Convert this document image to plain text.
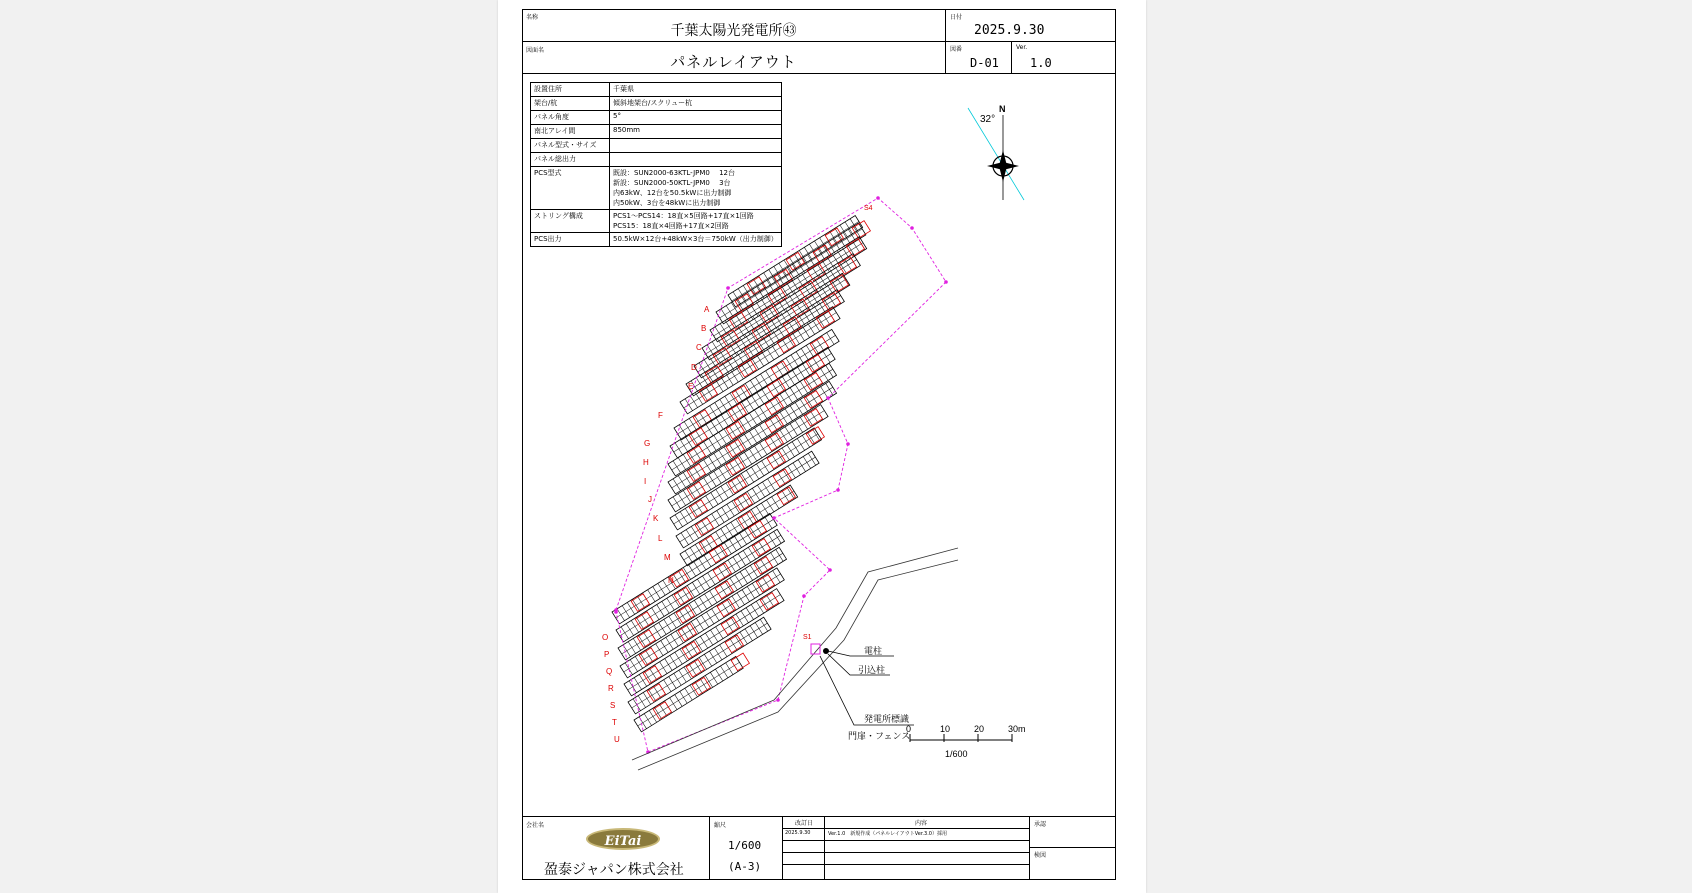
名称
千葉太陽光発電所㊸
日付
2025.9.30
図面名
パネルレイアウト
図番
D-01
Ver.
1.0
設置住所	千葉県

架台/杭	傾斜地架台/スクリュー杭

パネル角度	5°

南北アレイ間	850mm

パネル型式・サイズ	

パネル総出力	

PCS型式	既設：SUN2000-63KTL-JPM0　 12台
新設：SUN2000-50KTL-JPM0　 3台
内63kW、12台を50.5kWに出力制御
内50kW、3台を48kWに出力制御

ストリング構成	PCS1～PCS14：18直×5回路+17直×1回路
PCS15：18直×4回路+17直×2回路

PCS出力	50.5kW×12台+48kW×3台＝750kW（出力制御）
A
B
C
D
E
F
G
H
I
J
K
L
M
N
O
P
Q
R
S
T
U
32°
N
0	10	20	30m
1/600
電柱
引込柱
発電所標識
門扉・フェンス
S1
S4
会社名
EiTai
盈泰ジャパン株式会社
縮尺
1/600
(A-3)
改訂日
2025.9.30
内容
Ver.1.0　新規作成（パネルレイアウトVer.3.0）採用
承認
検図
